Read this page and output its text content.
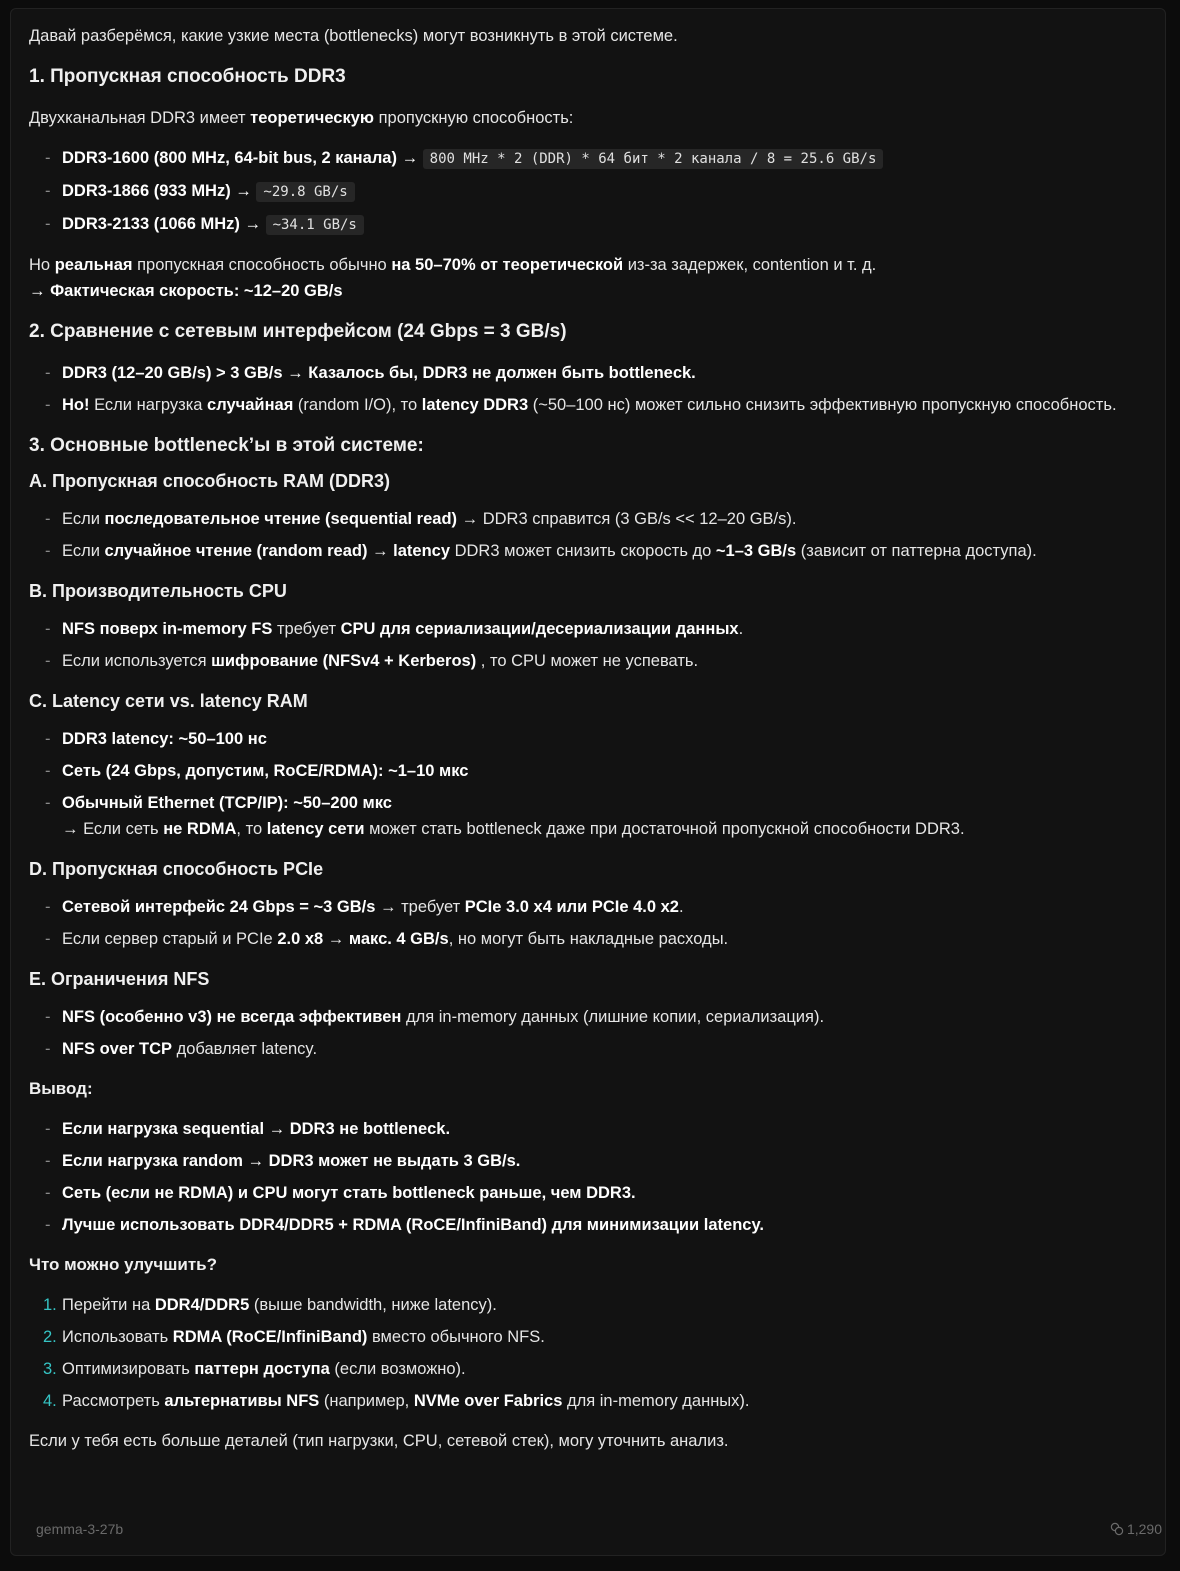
Давай разберёмся, какие узкие места (bottlenecks) могут возникнуть в этой системе.

1. Пропускная способность DDR3

Двухканальная DDR3 имеет теоретическую пропускную способность:

- DDR3-1600 (800 MHz, 64-bit bus, 2 канала) → 800 MHz * 2 (DDR) * 64 бит * 2 канала / 8 = 25.6 GB/s
- DDR3-1866 (933 MHz) → ~29.8 GB/s
- DDR3-2133 (1066 MHz) → ~34.1 GB/s

Но реальная пропускная способность обычно на 50–70% от теоретической из-за задержек, contention и т. д.

→ Фактическая скорость: ~12–20 GB/s

2. Сравнение с сетевым интерфейсом (24 Gbps = 3 GB/s)
- DDR3 (12–20 GB/s) > 3 GB/s → Казалось бы, DDR3 не должен быть bottleneck.
- Но! Если нагрузка случайная (random I/O), то latency DDR3 (~50–100 нс) может сильно снизить эффективную пропускную способность.
3. Основные bottleneck’ы в этой системе:
A. Пропускная способность RAM (DDR3)
- Если последовательное чтение (sequential read) → DDR3 справится (3 GB/s << 12–20 GB/s).
- Если случайное чтение (random read) → latency DDR3 может снизить скорость до ~1–3 GB/s (зависит от паттерна доступа).
B. Производительность CPU
- NFS поверх in-memory FS требует CPU для сериализации/десериализации данных.
- Если используется шифрование (NFSv4 + Kerberos) , то CPU может не успевать.
C. Latency сети vs. latency RAM
- DDR3 latency: ~50–100 нс
- Сеть (24 Gbps, допустим, RoCE/RDMA): ~1–10 мкс
- Обычный Ethernet (TCP/IP): ~50–200 мкс
→ Если сеть не RDMA, то latency сети может стать bottleneck даже при достаточной пропускной способности DDR3.
D. Пропускная способность PCIe
- Сетевой интерфейс 24 Gbps = ~3 GB/s → требует PCIe 3.0 x4 или PCIe 4.0 x2.
- Если сервер старый и PCIe 2.0 x8 → макс. 4 GB/s, но могут быть накладные расходы.
E. Ограничения NFS
- NFS (особенно v3) не всегда эффективен для in-memory данных (лишние копии, сериализация).
- NFS over TCP добавляет latency.
Вывод:
- Если нагрузка sequential → DDR3 не bottleneck.
- Если нагрузка random → DDR3 может не выдать 3 GB/s.
- Сеть (если не RDMA) и CPU могут стать bottleneck раньше, чем DDR3.
- Лучше использовать DDR4/DDR5 + RDMA (RoCE/InfiniBand) для минимизации latency.
Что можно улучшить?
1. Перейти на DDR4/DDR5 (выше bandwidth, ниже latency).
2. Использовать RDMA (RoCE/InfiniBand) вместо обычного NFS.
3. Оптимизировать паттерн доступа (если возможно).
4. Рассмотреть альтернативы NFS (например, NVMe over Fabrics для in-memory данных).

Если у тебя есть больше деталей (тип нагрузки, CPU, сетевой стек), могу уточнить анализ.

gemma-3-27b	1,290
